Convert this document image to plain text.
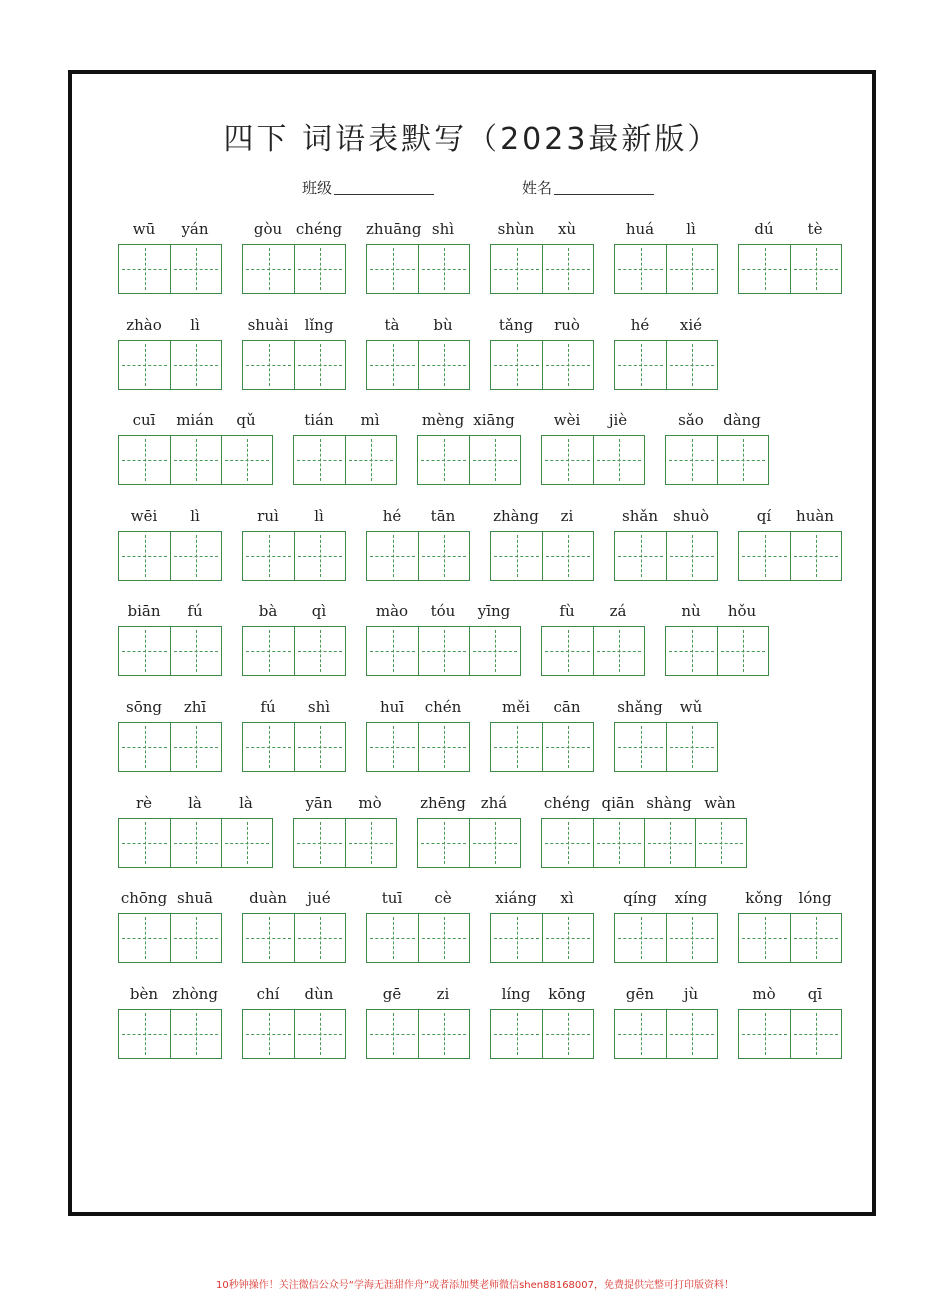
四下 词语表默写（2023最新版）
班级	姓名
wū	yán	gòu chéng zhuāng shì	shùn	xù	huá	lì	dú	tè
zhào	lì	shuài	lǐng	tà	bù	tǎng	ruò	hé	xié
cuī	mián	qǔ	tián	mì	mèng xiāng	wèi	jiè	sǎo	dàng
wēi	lì	ruì	lì	hé	tān	zhàng	zi	shǎn shuò	qí	huàn
biān	fú	bà	qì	mào	tóu	yīng	fù	zá	nù	hǒu
sōng	zhī	fú	shì	huī	chén	měi	cān	shǎng	wǔ
rè	là	là	yān	mò	zhēng zhá	chéng qiān shàng wàn
chōng shuā	duàn	jué	tuī	cè	xiáng	xì	qíng	xíng	kǒng	lóng
bèn zhòng	chí	dùn	gē	zi	líng	kōng	gēn	jù	mò	qī
10秒钟操作！关注微信公众号“学海无涯甜作舟”或者添加樊老师微信shen88168007，免费提供完整可打印版资料！
